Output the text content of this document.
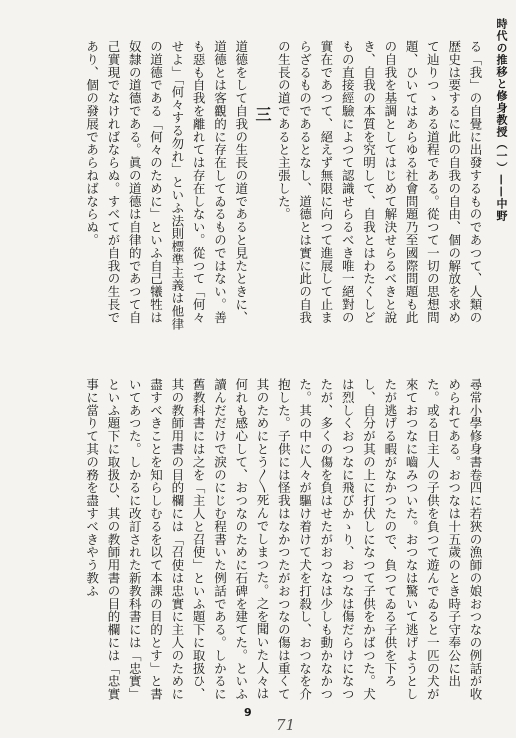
時代の推移と修身教授（一）——中野

る「我」の自覺に出發するものであつて、人類の歴史は要するに此の自我の自由、個の解放を求めて辿りつゝある道程である。從つて一切の思想問題、ひいてはあらゆる社會問題乃至國際問題も此の自我を基調としてはじめて解決せらるべきと說き、自我の本質を究明して、自我とはわたくしどもの直接經驗によつて認識せらるべき唯一絕對の實在であつて、絕えず無限に向つて進展して止まらざるものであるとなし、道德とは實に此の自我の生長の道であると主張した。

三

道德をして自我の生長の道であると見たときに、道德とは客觀的に存在してゐるものではない。善も惡も自我を離れては存在しない。從つて「何々せよ」「何々する勿れ」といふ法則標準主義は他律の道德である「何々のために」といふ自己犧牲は奴隸の道德である。眞の道德は自律的であつて自己實現でなければならぬ。すべてが自我の生長であり、個の發展であらねばならぬ。

尋常小學修身書卷四に若狹の漁師の娘おつなの例話が收められてある。おつなは十五歲のとき時子守奉公に出た。或る日主人の子供を負つて遊んでゐると一匹の犬が來ておつなに嚙みついた。おつなは驚いて逃げようとしたが逃げる暇がなかつたので、負つてゐる子供を下ろし、自分が其の上に打伏しになつて子供をかばつた。犬は烈しくおつなに飛びかゝり、おつなは傷だらけになつたが、多くの傷を負はせたがおつなは少しも動かなかつた。其の中に人々が驅け着けて犬を打殺し、おつなを介抱した。子供には怪我はなかつたがおつなの傷は重くて其のためにとう〳〵死んでしまつた。之を聞いた人々は何れも感心して、おつなのために石碑を建てた。といふ讀んだだけで淚のにじむ程書いた例話である。しかるに舊教科書には之を「主人と召使」といふ題下に取扱ひ、其の教師用書の目的欄には「召使は忠實に主人のために盡すべきことを知らしむるを以て本課の目的とす」と書いてあつた。しかるに改訂された新教科書には「忠實」といふ題下に取扱ひ、其の教師用書の目的欄には「忠實事に當りて其の務を盡すべきやう教ふ

9
71
